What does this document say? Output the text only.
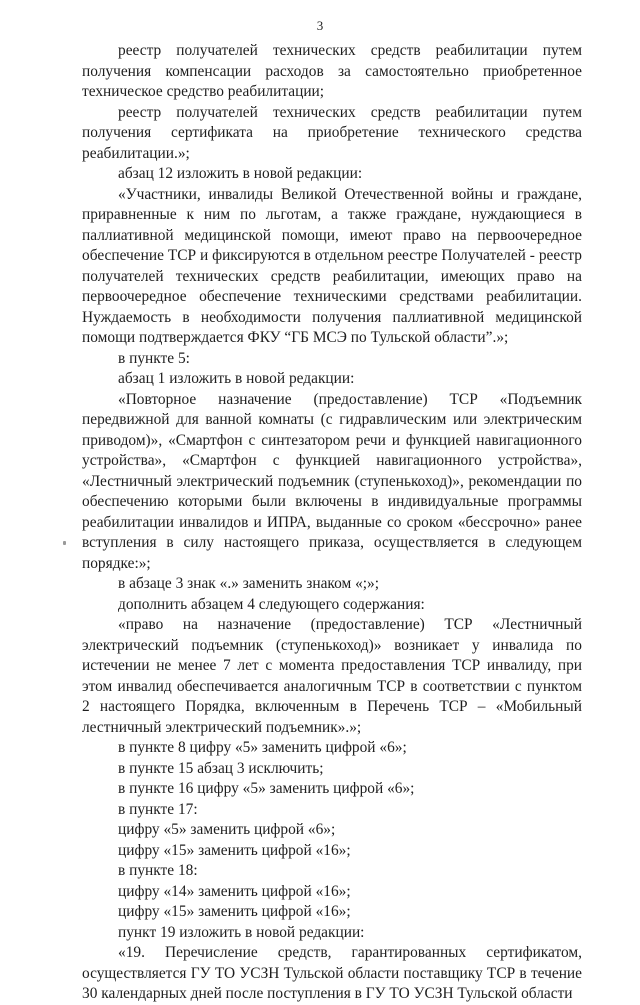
3

реестр получателей технических средств реабилитации путем получения компенсации расходов за самостоятельно приобретенное техническое средство реабилитации;

реестр получателей технических средств реабилитации путем получения сертификата на приобретение технического средства реабилитации.»;

абзац 12 изложить в новой редакции:

«Участники, инвалиды Великой Отечественной войны и граждане, приравненные к ним по льготам, а также граждане, нуждающиеся в паллиативной медицинской помощи, имеют право на первоочередное обеспечение ТСР и фиксируются в отдельном реестре Получателей - реестр получателей технических средств реабилитации, имеющих право на первоочередное обеспечение техническими средствами реабилитации. Нуждаемость в необходимости получения паллиативной медицинской помощи подтверждается ФКУ “ГБ МСЭ по Тульской области”.»;

в пункте 5:

абзац 1 изложить в новой редакции:

«Повторное назначение (предоставление) ТСР «Подъемник передвижной для ванной комнаты (с гидравлическим или электрическим приводом)», «Смартфон с синтезатором речи и функцией навигационного устройства», «Смартфон с функцией навигационного устройства», «Лестничный электрический подъемник (ступенькоход)», рекомендации по обеспечению которыми были включены в индивидуальные программы реабилитации инвалидов и ИПРА, выданные со сроком «бессрочно» ранее вступления в силу настоящего приказа, осуществляется в следующем порядке:»;

в абзаце 3 знак «.» заменить знаком «;»;

дополнить абзацем 4 следующего содержания:

«право на назначение (предоставление) ТСР «Лестничный электрический подъемник (ступенькоход)» возникает у инвалида по истечении не менее 7 лет с момента предоставления ТСР инвалиду, при этом инвалид обеспечивается аналогичным ТСР в соответствии с пунктом 2 настоящего Порядка, включенным в Перечень ТСР – «Мобильный лестничный электрический подъемник».»;

в пункте 8 цифру «5» заменить цифрой «6»;

в пункте 15 абзац 3 исключить;

в пункте 16 цифру «5» заменить цифрой «6»;

в пункте 17:

цифру «5» заменить цифрой «6»;

цифру «15» заменить цифрой «16»;

в пункте 18:

цифру «14» заменить цифрой «16»;

цифру «15» заменить цифрой «16»;

пункт 19 изложить в новой редакции:

«19. Перечисление средств, гарантированных сертификатом, осуществляется ГУ ТО УСЗН Тульской области поставщику ТСР в течение 30 календарных дней после поступления в ГУ ТО УСЗН Тульской области
